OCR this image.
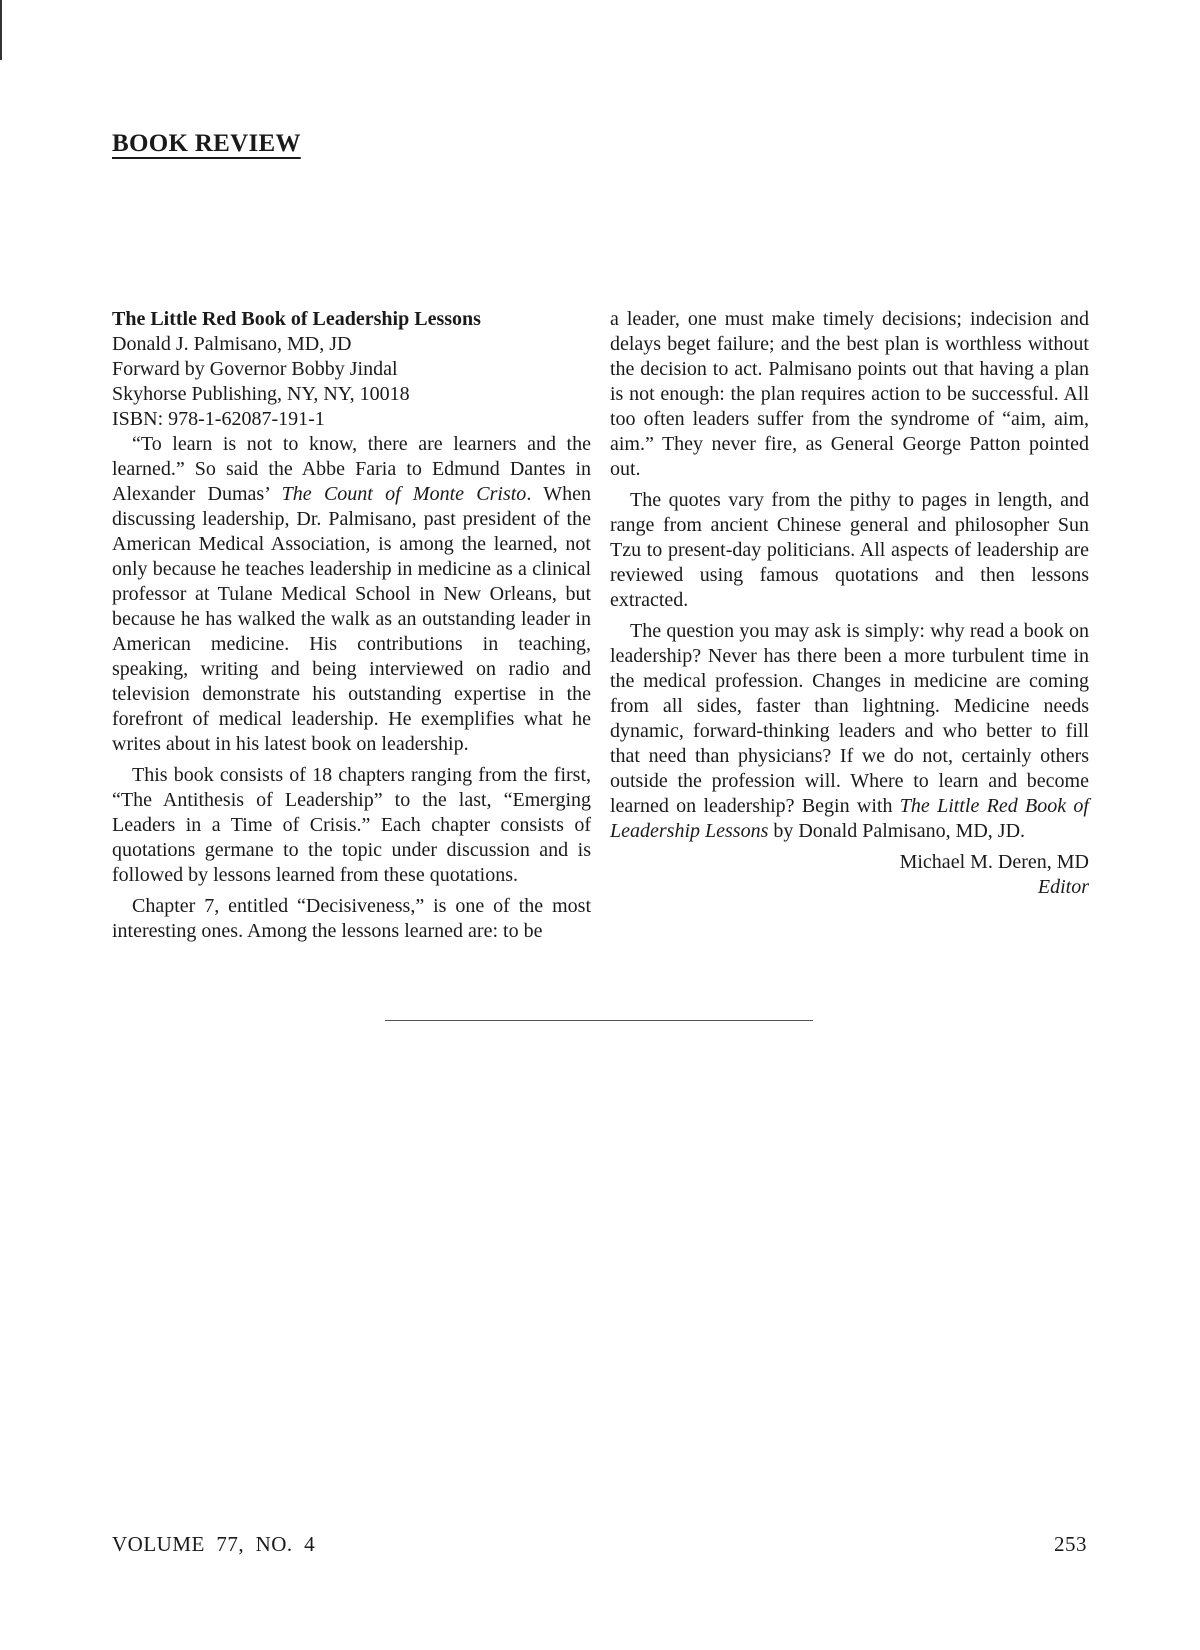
BOOK REVIEW
The Little Red Book of Leadership Lessons
Donald J. Palmisano, MD, JD
Forward by Governor Bobby Jindal
Skyhorse Publishing, NY, NY, 10018
ISBN: 978-1-62087-191-1

“To learn is not to know, there are learners and the learned.” So said the Abbe Faria to Edmund Dantes in Alexander Dumas’ The Count of Monte Cristo. When discussing leadership, Dr. Palmisano, past president of the American Medical Association, is among the learned, not only because he teaches leadership in medicine as a clinical professor at Tulane Medical School in New Orleans, but because he has walked the walk as an outstanding leader in American medicine. His contributions in teaching, speaking, writing and being interviewed on radio and television demonstrate his outstanding expertise in the forefront of medical leadership. He exemplifies what he writes about in his latest book on leadership.

This book consists of 18 chapters ranging from the first, “The Antithesis of Leadership” to the last, “Emerging Leaders in a Time of Crisis.” Each chapter consists of quotations germane to the topic under discussion and is followed by lessons learned from these quotations.

Chapter 7, entitled “Decisiveness,” is one of the most interesting ones. Among the lessons learned are: to be

a leader, one must make timely decisions; indecision and delays beget failure; and the best plan is worthless without the decision to act. Palmisano points out that having a plan is not enough: the plan requires action to be successful. All too often leaders suffer from the syndrome of “aim, aim, aim.” They never fire, as General George Patton pointed out.

The quotes vary from the pithy to pages in length, and range from ancient Chinese general and philosopher Sun Tzu to present-day politicians. All aspects of leadership are reviewed using famous quotations and then lessons extracted.

The question you may ask is simply: why read a book on leadership? Never has there been a more turbulent time in the medical profession. Changes in medicine are coming from all sides, faster than lightning. Medicine needs dynamic, forward-thinking leaders and who better to fill that need than physicians? If we do not, certainly others outside the profession will. Where to learn and become learned on leadership? Begin with The Little Red Book of Leadership Lessons by Donald Palmisano, MD, JD.

Michael M. Deren, MD
Editor
VOLUME  77,  NO.  4	253
